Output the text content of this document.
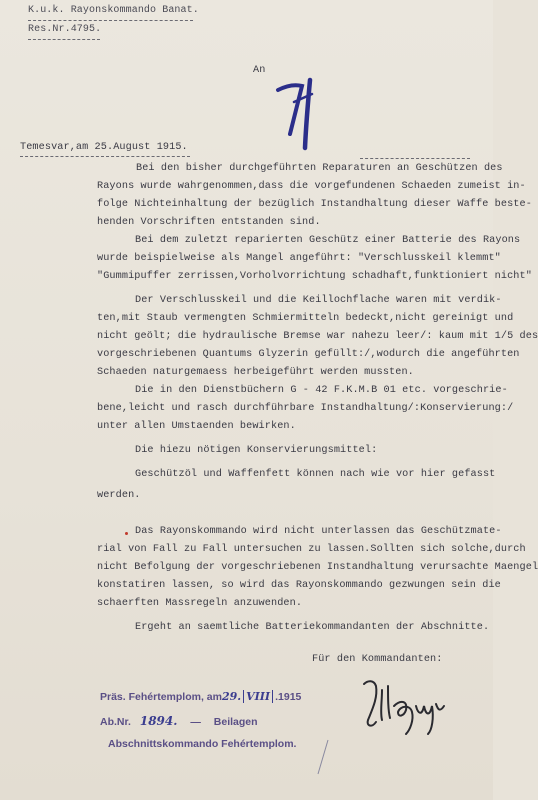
K.u.k. Rayonskommando Banat.
Res.Nr.4795.
An
Temesvar,am 25.August 1915.
Bei den bisher durchgeführten Reparaturen an Geschützen des
Rayons wurde wahrgenommen,dass die vorgefundenen Schaeden zumeist in-
folge Nichteinhaltung der bezüglich Instandhaltung dieser Waffe beste-
henden Vorschriften entstanden sind.
Bei dem zuletzt reparierten Geschütz einer Batterie des Rayons
wurde beispielweise als Mangel angeführt: "Verschlusskeil klemmt"
"Gummipuffer zerrissen,Vorholvorrichtung schadhaft,funktioniert nicht"
Der Verschlusskeil und die Keillochflache waren mit verdik-
ten,mit Staub vermengten Schmiermitteln bedeckt,nicht gereinigt und
nicht geölt; die hydraulische Bremse war nahezu leer/: kaum mit 1/5 des
vorgeschriebenen Quantums Glyzerin gefüllt:/,wodurch die angeführten
Schaeden naturgemaess herbeigeführt werden mussten.
Die in den Dienstbüchern G - 42 F.K.M.B 01 etc. vorgeschrie-
bene,leicht und rasch durchführbare Instandhaltung/:Konservierung:/
unter allen Umstaenden bewirken.
Die hiezu nötigen Konservierungsmittel:
Geschützöl und Waffenfett können nach wie vor hier gefasst
werden.
Das Rayonskommando wird nicht unterlassen das Geschützmate-
rial von Fall zu Fall untersuchen zu lassen.Sollten sich solche,durch
nicht Befolgung der vorgeschriebenen Instandhaltung verursachte Maengel
konstatiren lassen, so wird das Rayonskommando gezwungen sein die
schaerften Massregeln anzuwenden.
Ergeht an saemtliche Batteriekommandanten der Abschnitte.
Für den Kommandanten:
Präs. Fehértemplom, am29. VIII .1915
Ab.Nr. 1894. — Beilagen
Abschnittskommando Fehértemplom.
